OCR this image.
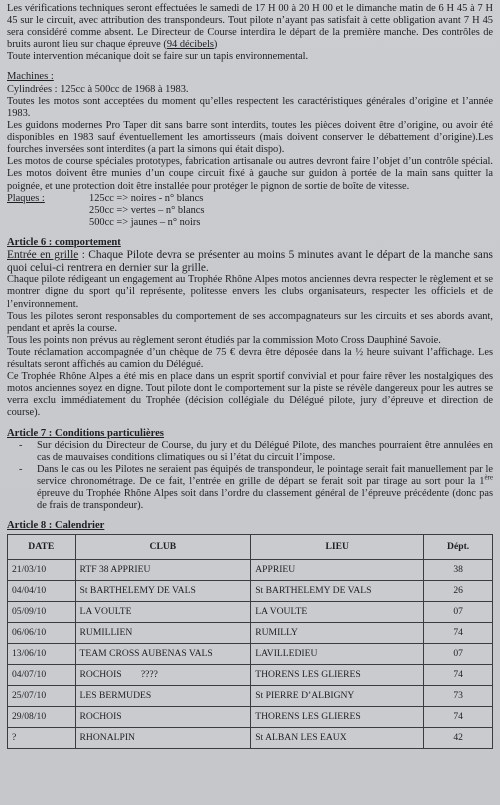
Les vérifications techniques seront effectuées le samedi de 17 H 00 à 20 H 00 et le dimanche matin de 6 H 45 à 7 H 45 sur le circuit, avec attribution des transpondeurs. Tout pilote n’ayant pas satisfait à cette obligation avant 7 H 45 sera considéré comme absent. Le Directeur de Course interdira le départ de la première manche. Des contrôles de bruits auront lieu sur chaque épreuve (94 décibels)

Toute intervention mécanique doit se faire sur un tapis environnemental.

Machines :

Cylindrées : 125cc à 500cc de 1968 à 1983.

Toutes les motos sont acceptées du moment qu’elles respectent les caractéristiques générales d’origine et l’année 1983.

Les guidons modernes Pro Taper dit sans barre sont interdits, toutes les pièces doivent être d’origine, ou avoir été disponibles en 1983 sauf éventuellement les amortisseurs (mais doivent conserver le débattement d’origine).Les fourches inversées sont interdites (a part la simons qui était dispo).

Les motos de course spéciales prototypes, fabrication artisanale ou autres devront faire l’objet d’un contrôle spécial. Les motos doivent être munies d’un coupe circuit fixé à gauche sur guidon à portée de la main sans quitter la poignée, et une protection doit être installée pour protéger le pignon de sortie de boîte de vitesse.

Plaques :	125cc => noires - n° blancs
250cc => vertes – n° blancs
500cc => jaunes – n° noirs

Article 6 : comportement

Entrée en grille : Chaque Pilote devra se présenter au moins 5 minutes avant le départ de la manche sans quoi celui-ci rentrera en dernier sur la grille.

Chaque pilote rédigeant un engagement au Trophée Rhône Alpes motos anciennes devra respecter le règlement et se montrer digne du sport qu’il représente, politesse envers les clubs organisateurs, respecter les officiels et de l’environnement.

Tous les pilotes seront responsables du comportement de ses accompagnateurs sur les circuits et ses abords avant, pendant et après la course.

Tous les points non prévus au règlement seront étudiés par la commission Moto Cross Dauphiné Savoie.

Toute réclamation accompagnée d’un chèque de 75 € devra être déposée dans la ½ heure suivant l’affichage. Les résultats seront affichés au camion du Délégué.

Ce Trophée Rhône Alpes a été mis en place dans un esprit sportif convivial et pour faire rêver les nostalgiques des motos anciennes soyez en digne. Tout pilote dont le comportement sur la piste se révèle dangereux pour les autres se verra exclu immédiatement du Trophée (décision collégiale du Délégué pilote, jury d’épreuve et direction de course).

Article 7 : Conditions particulières

- Sur décision du Directeur de Course, du jury et du Délégué Pilote, des manches pourraient être annulées en cas de mauvaises conditions climatiques ou si l’état du circuit l’impose.
- Dans le cas ou les Pilotes ne seraient pas équipés de transpondeur, le pointage serait fait manuellement par le service chronométrage. De ce fait, l’entrée en grille de départ se ferait soit par tirage au sort pour la 1ère épreuve du Trophée Rhône Alpes soit dans l’ordre du classement général de l’épreuve précédente (donc pas de frais de transpondeur).

Article 8 : Calendrier

DATE	CLUB	LIEU	Dépt.
21/03/10	RTF 38 APPRIEU	APPRIEU	38
04/04/10	St BARTHELEMY DE VALS	St BARTHELEMY DE VALS	26
05/09/10	LA VOULTE	LA VOULTE	07
06/06/10	RUMILLIEN	RUMILLY	74
13/06/10	TEAM CROSS AUBENAS VALS	LAVILLEDIEU	07
04/07/10	ROCHOIS        ????	THORENS LES GLIERES	74
25/07/10	LES BERMUDES	St PIERRE D’ALBIGNY	73
29/08/10	ROCHOIS	THORENS LES GLIERES	74
?	RHONALPIN	St ALBAN LES EAUX	42
